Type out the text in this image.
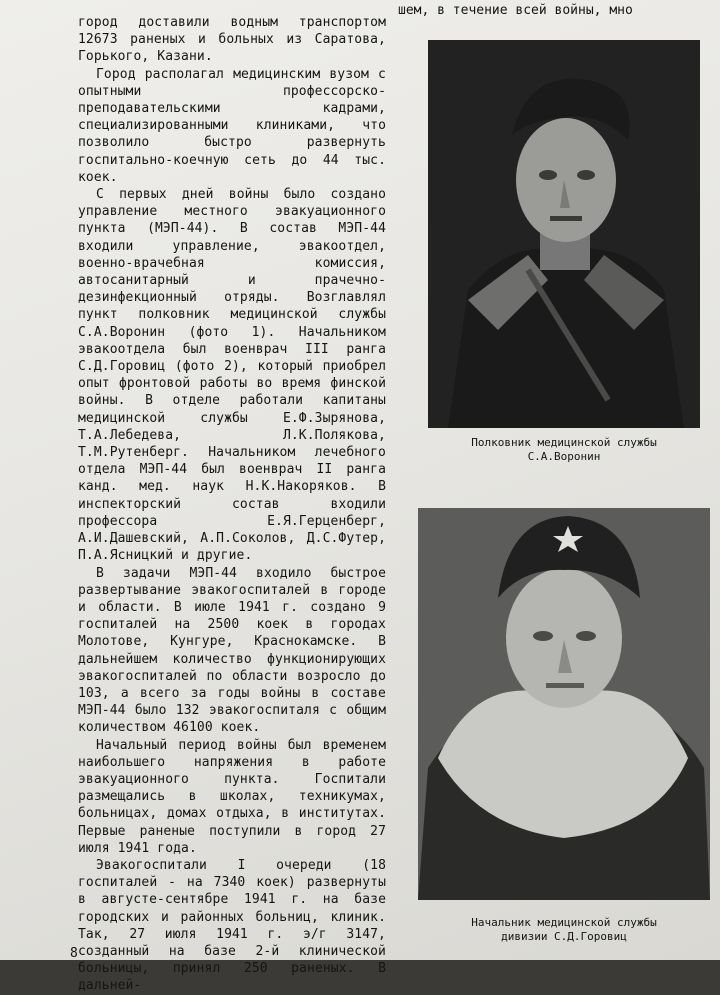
шем, в течение всей войны, мно

город доставили водным транспортом 12673 раненых и больных из Саратова, Горького, Казани.

Город располагал медицинским вузом с опытными профессорско-преподавательскими кадрами, специализированными клиниками, что позволило быстро развернуть госпитально-коечную сеть до 44 тыс. коек.

С первых дней войны было создано управление местного эвакуационного пункта (МЭП-44). В состав МЭП-44 входили управление, эвакоотдел, военно-врачебная комиссия, автосанитарный и прачечно-дезинфекционный отряды. Возглавлял пункт полковник медицинской службы С.А.Воронин (фото 1). Начальником эвакоотдела был военврач III ранга С.Д.Горовиц (фото 2), который приобрел опыт фронтовой работы во время финской войны. В отделе работали капитаны медицинской службы Е.Ф.Зырянова, Т.А.Лебедева, Л.К.Полякова, Т.М.Рутенберг. Начальником лечебного отдела МЭП-44 был военврач II ранга канд. мед. наук Н.К.Накоряков. В инспекторский состав входили профессора Е.Я.Герценберг, А.И.Дашевский, А.П.Соколов, Д.С.Футер, П.А.Ясницкий и другие.

В задачи МЭП-44 входило быстрое развертывание эвакогоспиталей в городе и области. В июле 1941 г. создано 9 госпиталей на 2500 коек в городах Молотове, Кунгуре, Краснокамске. В дальнейшем количество функционирующих эвакогоспиталей по области возросло до 103, а всего за годы войны в составе МЭП-44 было 132 эвакогоспиталя с общим количеством 46100 коек.

Начальный период войны был временем наибольшего напряжения в работе эвакуационного пункта. Госпитали размещались в школах, техникумах, больницах, домах отдыха, в институтах. Первые раненые поступили в город 27 июля 1941 года.

Эвакогоспитали I очереди (18 госпиталей - на 7340 коек) развернуты в августе-сентябре 1941 г. на базе городских и районных больниц, клиник. Так, 27 июля 1941 г. э/г 3147, созданный на базе 2-й клинической больницы, принял 250 раненых. В дальней-

Полковник медицинской службы
С.А.Воронин
Начальник медицинской службы
дивизии С.Д.Горовиц
8
